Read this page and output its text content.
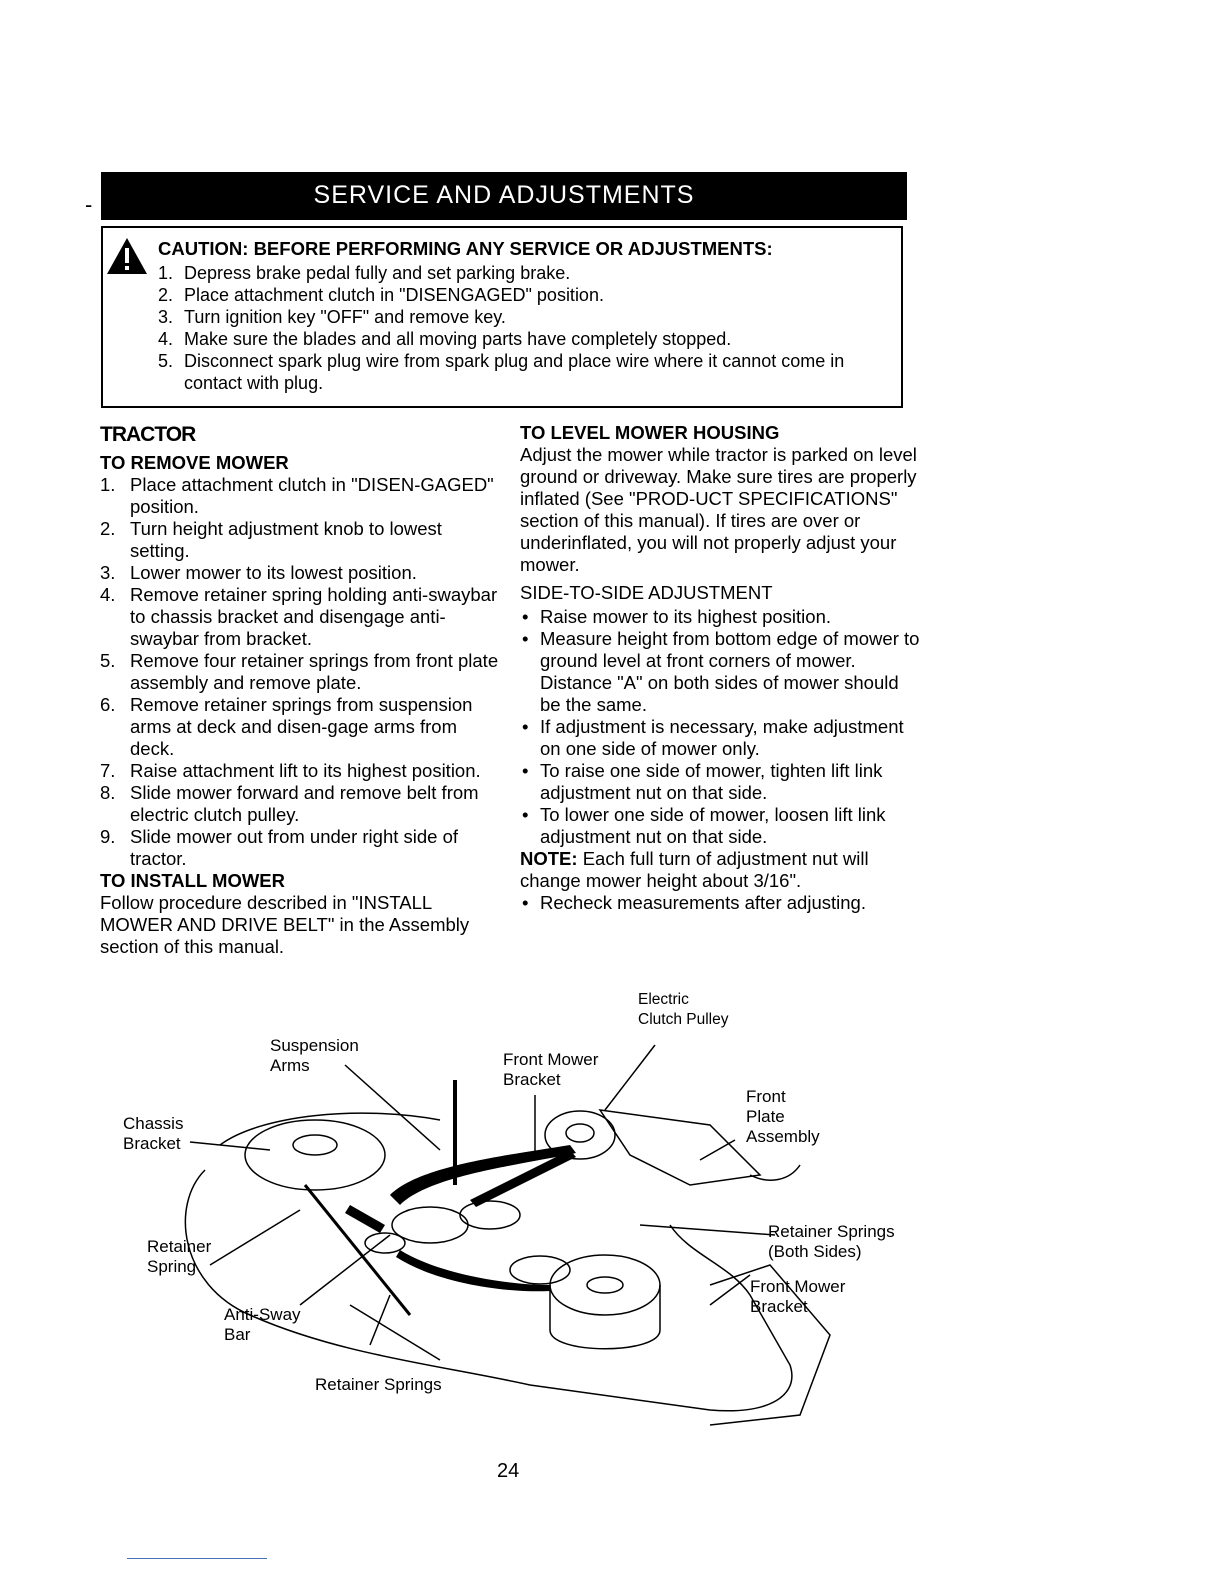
-	SERVICE AND ADJUSTMENTS
CAUTION: BEFORE PERFORMING ANY SERVICE OR ADJUSTMENTS:
1. Depress brake pedal fully and set parking brake.
2. Place attachment clutch in "DISENGAGED" position.
3. Turn ignition key "OFF" and remove key.
4. Make sure the blades and all moving parts have completely stopped.
5. Disconnect spark plug wire from spark plug and place wire where it cannot come in contact with plug.
TRACTOR
TO REMOVE MOWER
1. Place attachment clutch in "DISEN-GAGED" position.
2. Turn height adjustment knob to lowest setting.
3. Lower mower to its lowest position.
4. Remove retainer spring holding anti-swaybar to chassis bracket and disengage anti-swaybar from bracket.
5. Remove four retainer springs from front plate assembly and remove plate.
6. Remove retainer springs from suspension arms at deck and disen-gage arms from deck.
7. Raise attachment lift to its highest position.
8. Slide mower forward and remove belt from electric clutch pulley.
9. Slide mower out from under right side of tractor.
TO INSTALL MOWER

Follow procedure described in "INSTALL MOWER AND DRIVE BELT" in the Assembly section of this manual.

TO LEVEL MOWER HOUSING

Adjust the mower while tractor is parked on level ground or driveway. Make sure tires are properly inflated (See "PROD-UCT SPECIFICATIONS" section of this manual). If tires are over or underinflated, you will not properly adjust your mower.

SIDE-TO-SIDE ADJUSTMENT
• Raise mower to its highest position.
• Measure height from bottom edge of mower to ground level at front corners of mower. Distance "A" on both sides of mower should be the same.
• If adjustment is necessary, make adjustment on one side of mower only.
• To raise one side of mower, tighten lift link adjustment nut on that side.
• To lower one side of mower, loosen lift link adjustment nut on that side.

NOTE: Each full turn of adjustment nut will change mower height about 3/16".

• Recheck measurements after adjusting.
Suspension
Arms
Chassis
Bracket
Retainer
Spring
Anti-Sway
Bar
Retainer Springs
Front Mower
Bracket
Electric
Clutch Pulley
Front
Plate
Assembly
Retainer Springs
(Both Sides)
Front Mower
Bracket
24
